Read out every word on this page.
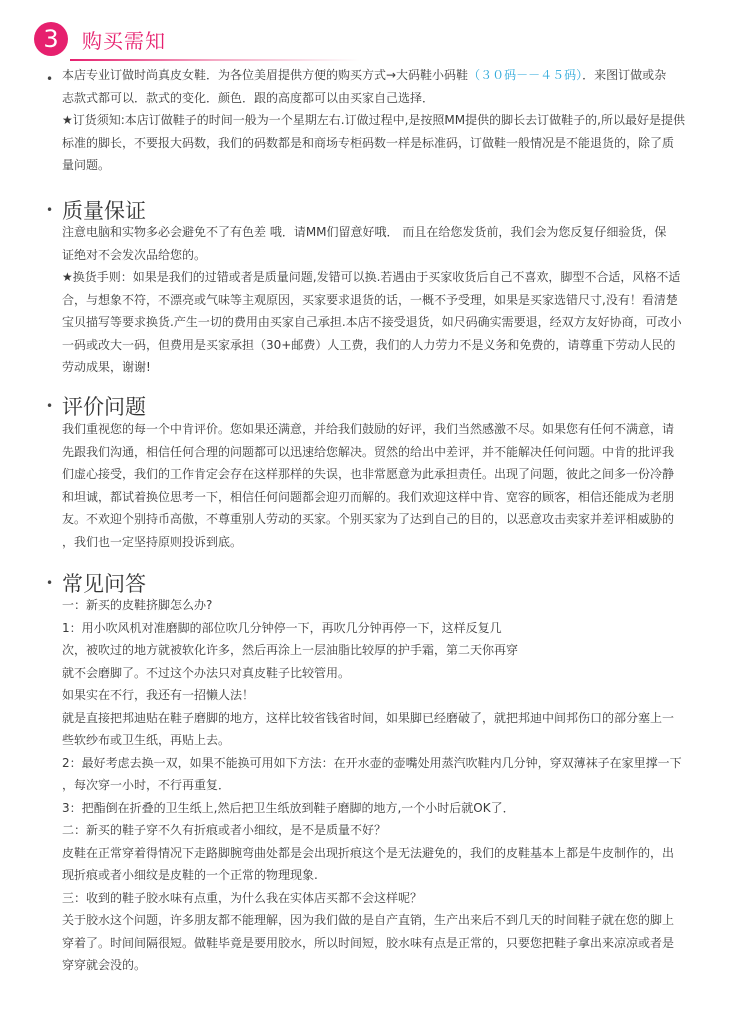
3	购买需知
• 本店专业订做时尚真皮女鞋．为各位美眉提供方便的购买方式→大码鞋小码鞋（３０码－－４５码）．来图订做或杂
志款式都可以．款式的变化．颜色．跟的高度都可以由买家自己选择．
★订货须知:本店订做鞋子的时间一般为一个星期左右.订做过程中,是按照MM提供的脚长去订做鞋子的,所以最好是提供
标准的脚长，不要报大码数，我们的码数都是和商场专柜码数一样是标准码，订做鞋一般情况是不能退货的，除了质
量问题。

• 质量保证

注意电脑和实物多必会避免不了有色差 哦．请MM们留意好哦． 而且在给您发货前，我们会为您反复仔细验货，保
证绝对不会发次品给您的。
★换货手则：如果是我们的过错或者是质量问题,发错可以换.若遇由于买家收货后自己不喜欢，脚型不合适，风格不适
合，与想象不符，不漂亮或气味等主观原因，买家要求退货的话，一概不予受理，如果是买家选错尺寸,没有！看清楚
宝贝描写等要求换货.产生一切的费用由买家自己承担.本店不接受退货，如尺码确实需要退，经双方友好协商，可改小
一码或改大一码，但费用是买家承担（30+邮费）人工费，我们的人力劳力不是义务和免费的，请尊重下劳动人民的
劳动成果，谢谢!

• 评价问题

我们重视您的每一个中肯评价。您如果还满意，并给我们鼓励的好评，我们当然感激不尽。如果您有任何不满意，请
先跟我们沟通，相信任何合理的问题都可以迅速给您解决。贸然的给出中差评，并不能解决任何问题。中肯的批评我
们虚心接受，我们的工作肯定会存在这样那样的失误，也非常愿意为此承担责任。出现了问题，彼此之间多一份冷静
和坦诚，都试着换位思考一下，相信任何问题都会迎刃而解的。我们欢迎这样中肯、宽容的顾客，相信还能成为老朋
友。不欢迎个别持币高傲，不尊重别人劳动的买家。个别买家为了达到自己的目的，以恶意攻击卖家并差评相威胁的
，我们也一定坚持原则投诉到底。

• 常见问答

一：新买的皮鞋挤脚怎么办?
1：用小吹风机对准磨脚的部位吹几分钟停一下，再吹几分钟再停一下，这样反复几
次，被吹过的地方就被软化许多，然后再涂上一层油脂比较厚的护手霜，第二天你再穿
就不会磨脚了。不过这个办法只对真皮鞋子比较管用。
如果实在不行，我还有一招懒人法！
就是直接把邦迪贴在鞋子磨脚的地方，这样比较省钱省时间，如果脚已经磨破了，就把邦迪中间邦伤口的部分塞上一
些软纱布或卫生纸，再贴上去。
2：最好考虑去换一双，如果不能换可用如下方法：在开水壶的壶嘴处用蒸汽吹鞋内几分钟，穿双薄袜子在家里撑一下
，每次穿一小时，不行再重复．
3：把酯倒在折叠的卫生纸上,然后把卫生纸放到鞋子磨脚的地方,一个小时后就OK了．
二：新买的鞋子穿不久有折痕或者小细纹，是不是质量不好？
皮鞋在正常穿着得情况下走路脚腕弯曲处都是会出现折痕这个是无法避免的，我们的皮鞋基本上都是牛皮制作的，出
现折痕或者小细纹是皮鞋的一个正常的物理现象.
三：收到的鞋子胶水味有点重，为什么我在实体店买都不会这样呢？
关于胶水这个问题，许多朋友都不能理解，因为我们做的是自产直销，生产出来后不到几天的时间鞋子就在您的脚上
穿着了。时间间隔很短。做鞋毕竟是要用胶水，所以时间短，胶水味有点是正常的，只要您把鞋子拿出来凉凉或者是
穿穿就会没的。
